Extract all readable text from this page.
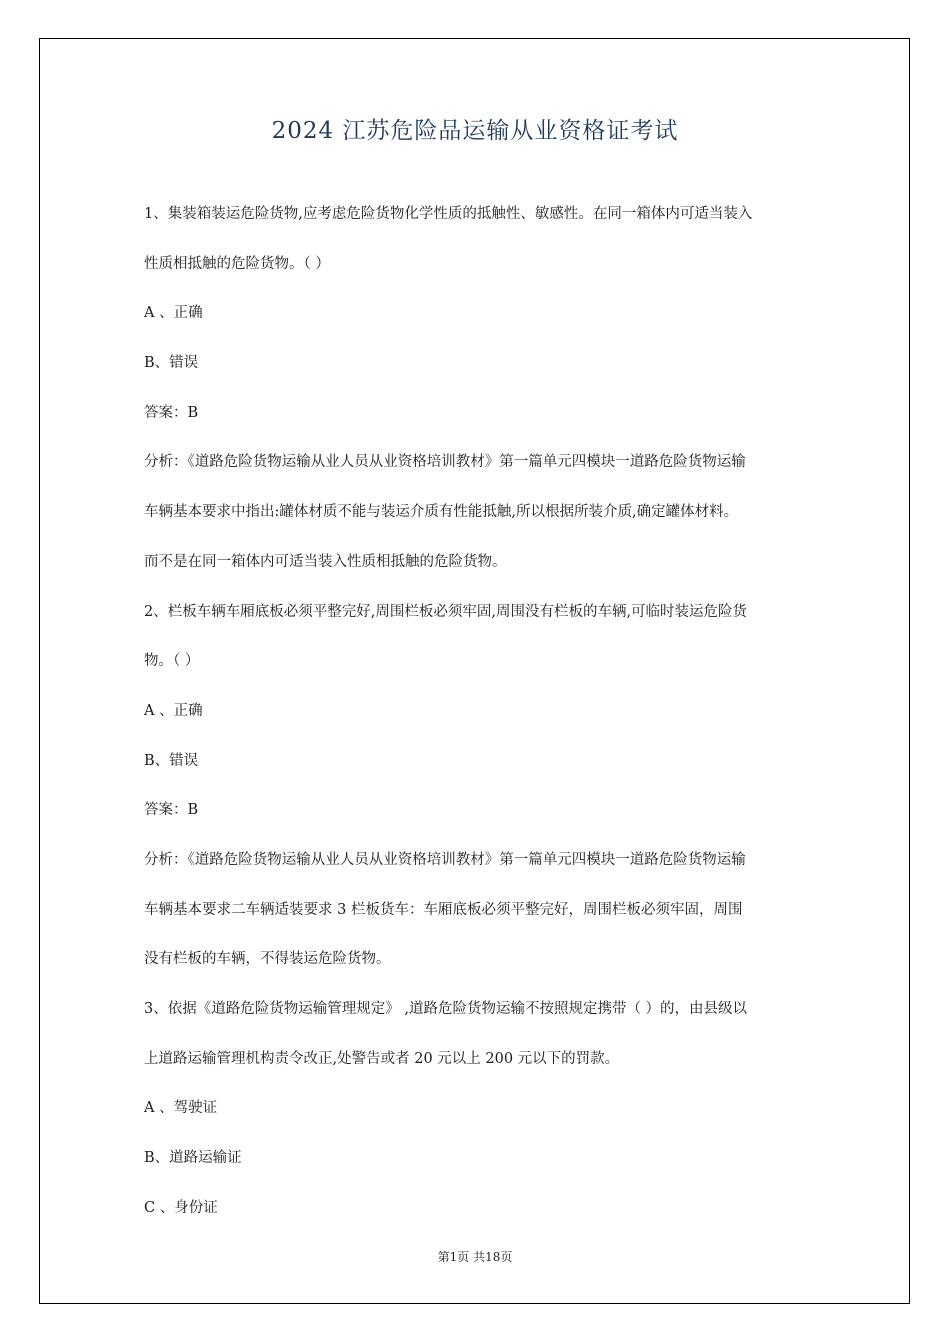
2024 江苏危险品运输从业资格证考试
1、集装箱装运危险货物,应考虑危险货物化学性质的抵触性、敏感性。在同一箱体内可适当装入
性质相抵触的危险货物。（ ）
A 、正确
B、错误
答案：B
分析：《道路危险货物运输从业人员从业资格培训教材》第一篇单元四模块一道路危险货物运输
车辆基本要求中指出:罐体材质不能与装运介质有性能抵触,所以根据所装介质,确定罐体材料。
而不是在同一箱体内可适当装入性质相抵触的危险货物。
2、栏板车辆车厢底板必须平整完好,周围栏板必须牢固,周围没有栏板的车辆,可临时装运危险货
物。（ ）
A 、正确
B、错误
答案：B
分析：《道路危险货物运输从业人员从业资格培训教材》第一篇单元四模块一道路危险货物运输
车辆基本要求二车辆适装要求 3 栏板货车：车厢底板必须平整完好，周围栏板必须牢固，周围
没有栏板的车辆，不得装运危险货物。
3、依据《道路危险货物运输管理规定》 ,道路危险货物运输不按照规定携带（ ）的，由县级以
上道路运输管理机构责令改正,处警告或者 20 元以上 200 元以下的罚款。
A 、驾驶证
B、道路运输证
C 、身份证
第1页 共18页
